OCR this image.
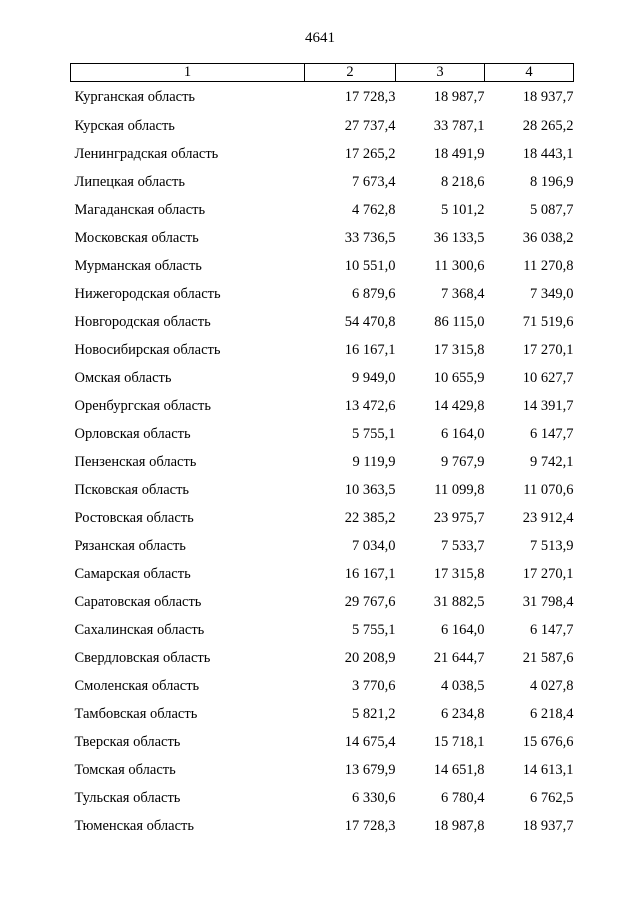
4641
1	2	3	4
Курганская область	17 728,3	18 987,7	18 937,7
Курская область	27 737,4	33 787,1	28 265,2
Ленинградская область	17 265,2	18 491,9	18 443,1
Липецкая область	7 673,4	8 218,6	8 196,9
Магаданская область	4 762,8	5 101,2	5 087,7
Московская область	33 736,5	36 133,5	36 038,2
Мурманская область	10 551,0	11 300,6	11 270,8
Нижегородская область	6 879,6	7 368,4	7 349,0
Новгородская область	54 470,8	86 115,0	71 519,6
Новосибирская область	16 167,1	17 315,8	17 270,1
Омская область	9 949,0	10 655,9	10 627,7
Оренбургская область	13 472,6	14 429,8	14 391,7
Орловская область	5 755,1	6 164,0	6 147,7
Пензенская область	9 119,9	9 767,9	9 742,1
Псковская область	10 363,5	11 099,8	11 070,6
Ростовская область	22 385,2	23 975,7	23 912,4
Рязанская область	7 034,0	7 533,7	7 513,9
Самарская область	16 167,1	17 315,8	17 270,1
Саратовская область	29 767,6	31 882,5	31 798,4
Сахалинская область	5 755,1	6 164,0	6 147,7
Свердловская область	20 208,9	21 644,7	21 587,6
Смоленская область	3 770,6	4 038,5	4 027,8
Тамбовская область	5 821,2	6 234,8	6 218,4
Тверская область	14 675,4	15 718,1	15 676,6
Томская область	13 679,9	14 651,8	14 613,1
Тульская область	6 330,6	6 780,4	6 762,5
Тюменская область	17 728,3	18 987,8	18 937,7
